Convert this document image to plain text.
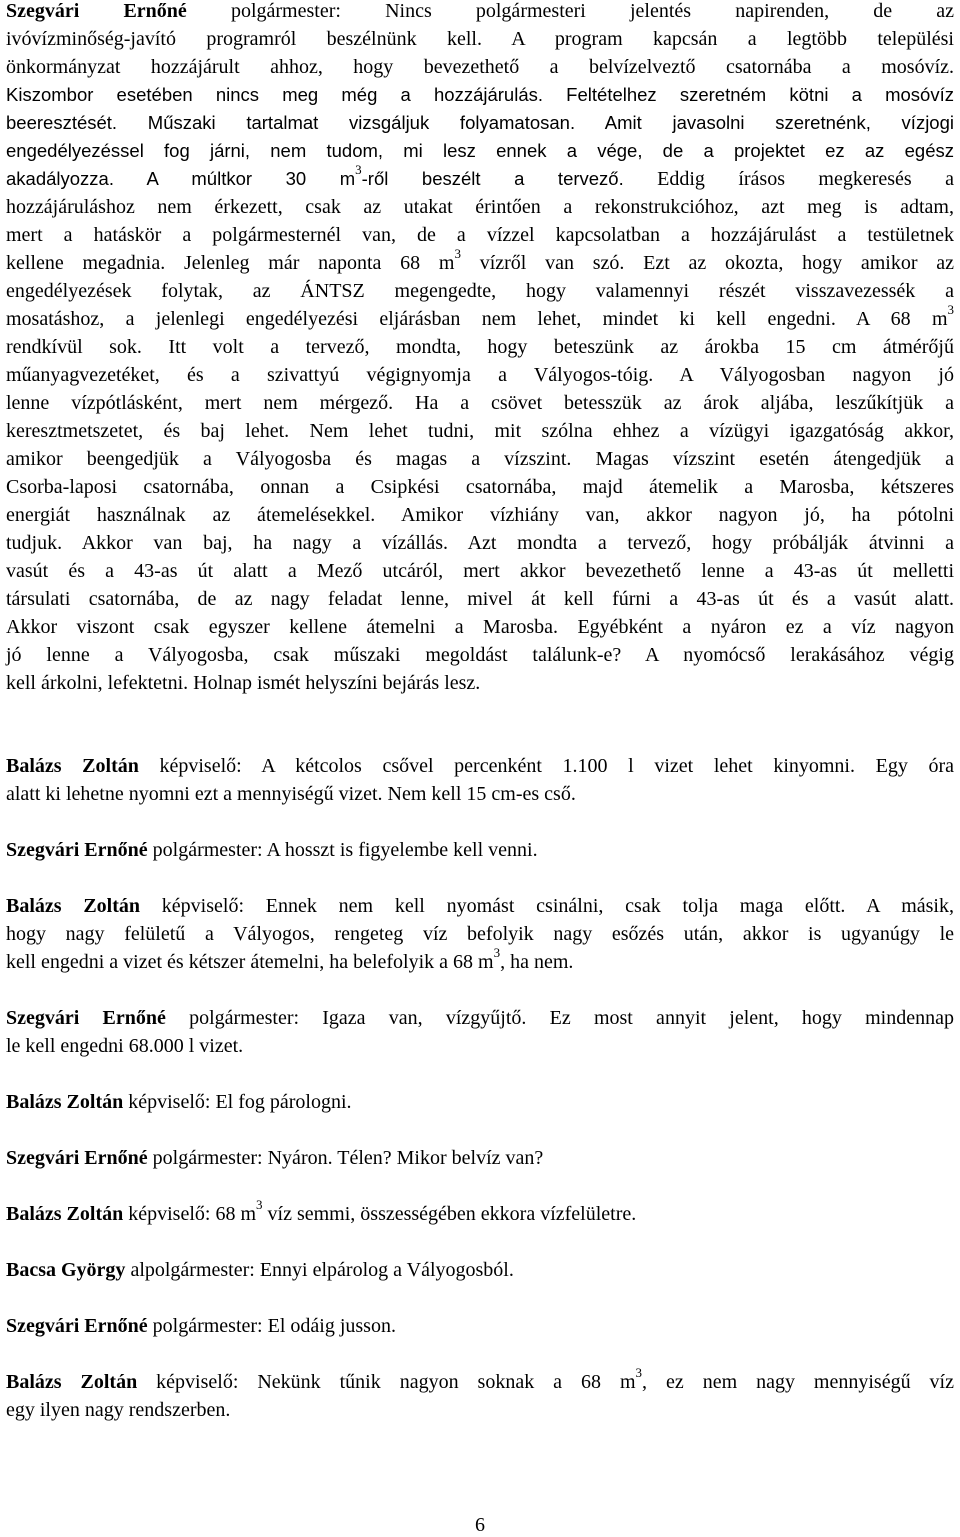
Szegvári Ernőné polgármester: Nincs polgármesteri jelentés napirenden, de az
ivóvízminőség-javító programról beszélnünk kell. A program kapcsán a legtöbb települési
önkormányzat hozzájárult ahhoz, hogy bevezethető a belvízelveztő csatornába a mosóvíz.
Kiszombor esetében nincs meg még a hozzájárulás. Feltételhez szeretném kötni a mosóvíz
beeresztését. Műszaki tartalmat vizsgáljuk folyamatosan. Amit javasolni szeretnénk, vízjogi
engedélyezéssel fog járni, nem tudom, mi lesz ennek a vége, de a projektet ez az egész
akadályozza. A múltkor 30 $m^3$-ről beszélt a tervező. Eddig írásos megkeresés a
hozzájáruláshoz nem érkezett, csak az utakat érintően a rekonstrukcióhoz, azt meg is adtam,
mert a hatáskör a polgármesternél van, de a vízzel kapcsolatban a hozzájárulást a testületnek
kellene megadnia. Jelenleg már naponta 68 $m^3$ vízről van szó. Ezt az okozta, hogy amikor az
engedélyezések folytak, az ÁNTSZ megengedte, hogy valamennyi részét visszavezessék a
mosatáshoz, a jelenlegi engedélyezési eljárásban nem lehet, mindet ki kell engedni. A 68 $m^3$
rendkívül sok. Itt volt a tervező, mondta, hogy beteszünk az árokba 15 cm átmérőjű
műanyagvezetéket, és a szivattyú végignyomja a Vályogos-tóig. A Vályogosban nagyon jó
lenne vízpótlásként, mert nem mérgező. Ha a csövet betesszük az árok aljába, leszűkítjük a
keresztmetszetet, és baj lehet. Nem lehet tudni, mit szólna ehhez a vízügyi igazgatóság akkor,
amikor beengedjük a Vályogosba és magas a vízszint. Magas vízszint esetén átengedjük a
Csorba-laposi csatornába, onnan a Csipkési csatornába, majd átemelik a Marosba, kétszeres
energiát használnak az átemelésekkel. Amikor vízhiány van, akkor nagyon jó, ha pótolni
tudjuk. Akkor van baj, ha nagy a vízállás. Azt mondta a tervező, hogy próbálják átvinni a
vasút és a 43-as út alatt a Mező utcáról, mert akkor bevezethető lenne a 43-as út melletti
társulati csatornába, de az nagy feladat lenne, mivel át kell fúrni a 43-as út és a vasút alatt.
Akkor viszont csak egyszer kellene átemelni a Marosba. Egyébként a nyáron ez a víz nagyon
jó lenne a Vályogosba, csak műszaki megoldást találunk-e? A nyomócső lerakásához végig
kell árkolni, lefektetni. Holnap ismét helyszíni bejárás lesz.
Balázs Zoltán képviselő: A kétcolos csővel percenként 1.100 l vizet lehet kinyomni. Egy óra
alatt ki lehetne nyomni ezt a mennyiségű vizet. Nem kell 15 cm-es cső.
Szegvári Ernőné polgármester: A hosszt is figyelembe kell venni.
Balázs Zoltán képviselő: Ennek nem kell nyomást csinálni, csak tolja maga előtt. A másik,
hogy nagy felületű a Vályogos, rengeteg víz befolyik nagy esőzés után, akkor is ugyanúgy le
kell engedni a vizet és kétszer átemelni, ha belefolyik a 68 $m^3$, ha nem.
Szegvári Ernőné polgármester: Igaza van, vízgyűjtő. Ez most annyit jelent, hogy mindennap
le kell engedni 68.000 l vizet.
Balázs Zoltán képviselő: El fog párologni.
Szegvári Ernőné polgármester: Nyáron. Télen? Mikor belvíz van?
Balázs Zoltán képviselő: 68 $m^3$ víz semmi, összességében ekkora vízfelületre.
Bacsa György alpolgármester: Ennyi elpárolog a Vályogosból.
Szegvári Ernőné polgármester: El odáig jusson.
Balázs Zoltán képviselő: Nekünk tűnik nagyon soknak a 68 $m^3$, ez nem nagy mennyiségű víz
egy ilyen nagy rendszerben.
6
